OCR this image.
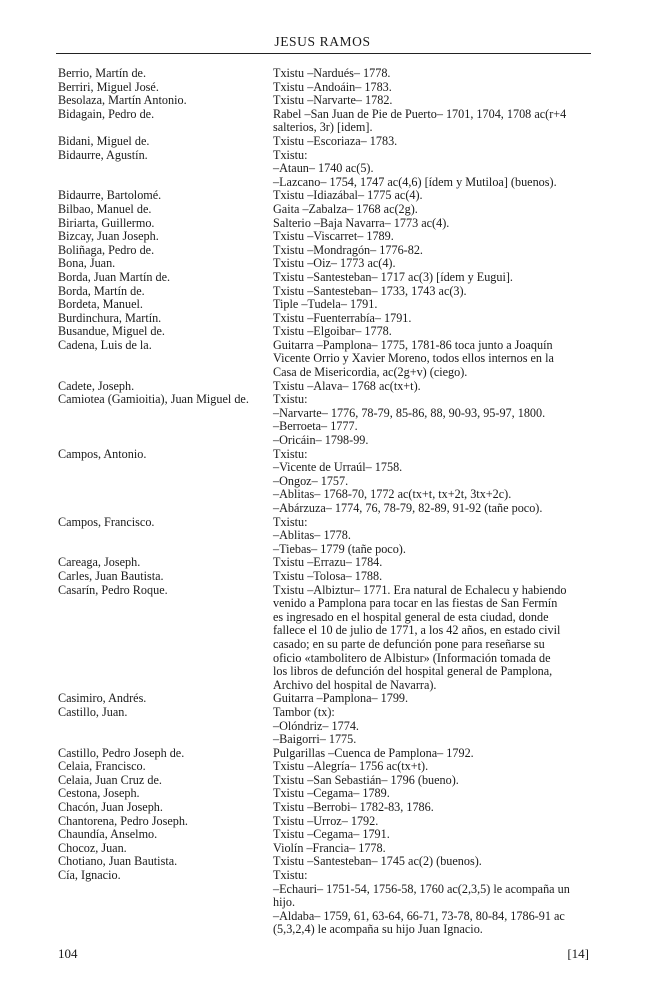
JESUS RAMOS
Berrio, Martín de.	Txistu –Nardués– 1778.
Berriri, Miguel José.	Txistu –Andoáin– 1783.
Besolaza, Martín Antonio.	Txistu –Narvarte– 1782.
Bidagain, Pedro de.	Rabel –San Juan de Pie de Puerto– 1701, 1704, 1708 ac(r+4
salterios, 3r) [idem].
Bidani, Miguel de.	Txistu –Escoriaza– 1783.
Bidaurre, Agustín.	Txistu:
–Ataun– 1740 ac(5).
–Lazcano– 1754, 1747 ac(4,6) [ídem y Mutiloa] (buenos).
Bidaurre, Bartolomé.	Txistu –Idiazábal– 1775 ac(4).
Bilbao, Manuel de.	Gaita –Zabalza– 1768 ac(2g).
Biriarta, Guillermo.	Salterio –Baja Navarra– 1773 ac(4).
Bizcay, Juan Joseph.	Txistu –Viscarret– 1789.
Boliñaga, Pedro de.	Txistu –Mondragón– 1776-82.
Bona, Juan.	Txistu –Oiz– 1773 ac(4).
Borda, Juan Martín de.	Txistu –Santesteban– 1717 ac(3) [ídem y Eugui].
Borda, Martín de.	Txistu –Santesteban– 1733, 1743 ac(3).
Bordeta, Manuel.	Tiple –Tudela– 1791.
Burdinchura, Martín.	Txistu –Fuenterrabía– 1791.
Busandue, Miguel de.	Txistu –Elgoibar– 1778.
Cadena, Luis de la.	Guitarra –Pamplona– 1775, 1781-86 toca junto a Joaquín
Vicente Orrio y Xavier Moreno, todos ellos internos en la
Casa de Misericordia, ac(2g+v) (ciego).
Cadete, Joseph.	Txistu –Alava– 1768 ac(tx+t).
Camiotea (Gamioitia), Juan Miguel de.	Txistu:
–Narvarte– 1776, 78-79, 85-86, 88, 90-93, 95-97, 1800.
–Berroeta– 1777.
–Oricáin– 1798-99.
Campos, Antonio.	Txistu:
–Vicente de Urraúl– 1758.
–Ongoz– 1757.
–Ablitas– 1768-70, 1772 ac(tx+t, tx+2t, 3tx+2c).
–Abárzuza– 1774, 76, 78-79, 82-89, 91-92 (tañe poco).
Campos, Francisco.	Txistu:
–Ablitas– 1778.
–Tiebas– 1779 (tañe poco).
Careaga, Joseph.	Txistu –Errazu– 1784.
Carles, Juan Bautista.	Txistu –Tolosa– 1788.
Casarín, Pedro Roque.	Txistu –Albiztur– 1771. Era natural de Echalecu y habiendo
venido a Pamplona para tocar en las fiestas de San Fermín
es ingresado en el hospital general de esta ciudad, donde
fallece el 10 de julio de 1771, a los 42 años, en estado civil
casado; en su parte de defunción pone para reseñarse su
oficio «tambolitero de Albistur» (Información tomada de
los libros de defunción del hospital general de Pamplona,
Archivo del hospital de Navarra).
Casimiro, Andrés.	Guitarra –Pamplona– 1799.
Castillo, Juan.	Tambor (tx):
–Olóndriz– 1774.
–Baigorri– 1775.
Castillo, Pedro Joseph de.	Pulgarillas –Cuenca de Pamplona– 1792.
Celaia, Francisco.	Txistu –Alegría– 1756 ac(tx+t).
Celaia, Juan Cruz de.	Txistu –San Sebastián– 1796 (bueno).
Cestona, Joseph.	Txistu –Cegama– 1789.
Chacón, Juan Joseph.	Txistu –Berrobi– 1782-83, 1786.
Chantorena, Pedro Joseph.	Txistu –Urroz– 1792.
Chaundía, Anselmo.	Txistu –Cegama– 1791.
Chocoz, Juan.	Violín –Francia– 1778.
Chotiano, Juan Bautista.	Txistu –Santesteban– 1745 ac(2) (buenos).
Cía, Ignacio.	Txistu:
–Echauri– 1751-54, 1756-58, 1760 ac(2,3,5) le acompaña un
hijo.
–Aldaba– 1759, 61, 63-64, 66-71, 73-78, 80-84, 1786-91 ac
(5,3,2,4) le acompaña su hijo Juan Ignacio.
104	[14]
